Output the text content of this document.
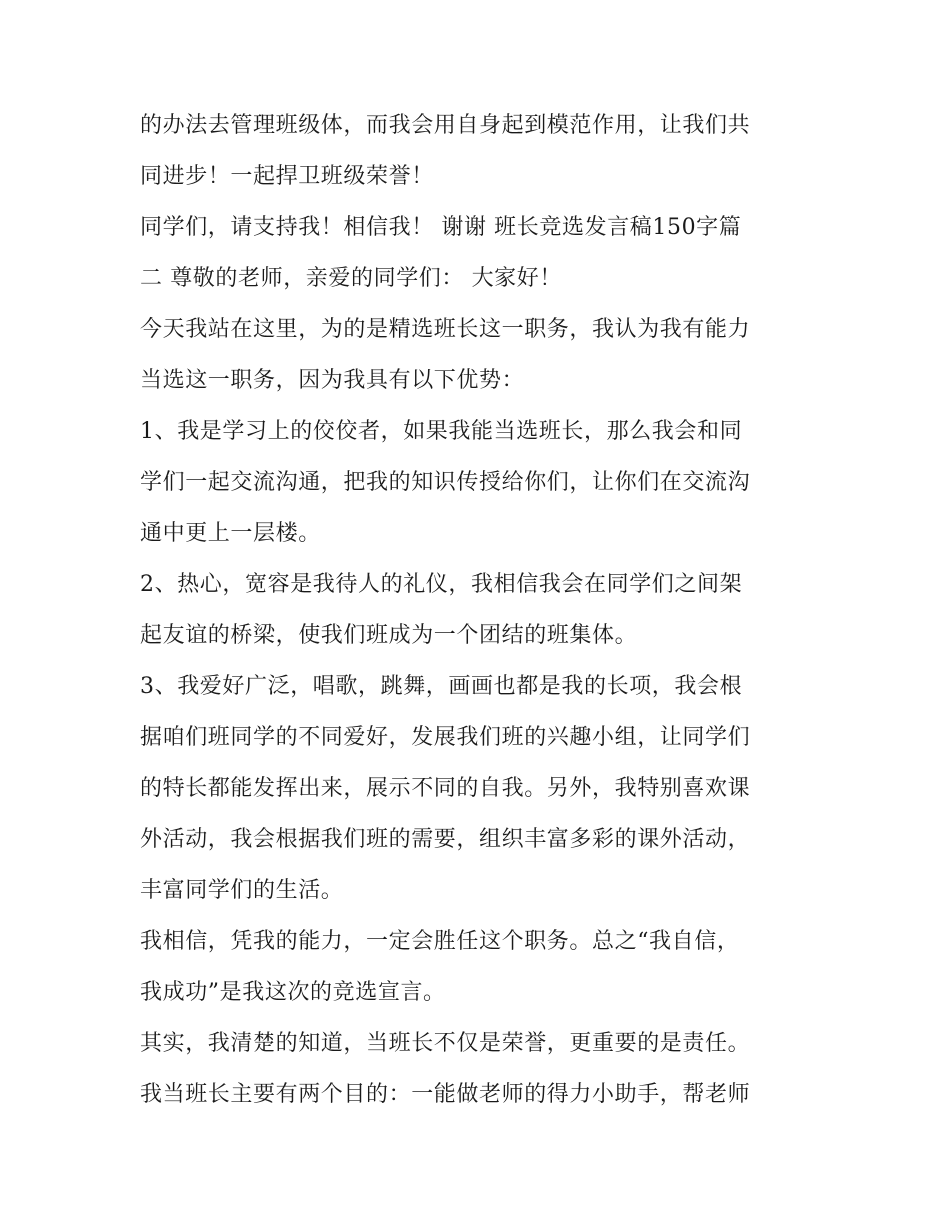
的办法去管理班级体，而我会用自身起到模范作用，让我们共
同进步！一起捍卫班级荣誉！
同学们，请支持我！相信我！ 谢谢 班长竞选发言稿150字篇
二 尊敬的老师，亲爱的同学们： 大家好！
今天我站在这里，为的是精选班长这一职务，我认为我有能力
当选这一职务，因为我具有以下优势：
1、我是学习上的佼佼者，如果我能当选班长，那么我会和同
学们一起交流沟通，把我的知识传授给你们，让你们在交流沟
通中更上一层楼。
2、热心，宽容是我待人的礼仪，我相信我会在同学们之间架
起友谊的桥梁，使我们班成为一个团结的班集体。
3、我爱好广泛，唱歌，跳舞，画画也都是我的长项，我会根
据咱们班同学的不同爱好，发展我们班的兴趣小组，让同学们
的特长都能发挥出来，展示不同的自我。另外，我特别喜欢课
外活动，我会根据我们班的需要，组织丰富多彩的课外活动，
丰富同学们的生活。
我相信，凭我的能力，一定会胜任这个职务。总之“我自信，
我成功”是我这次的竞选宣言。
其实，我清楚的知道，当班长不仅是荣誉，更重要的是责任。
我当班长主要有两个目的：一能做老师的得力小助手，帮老师
